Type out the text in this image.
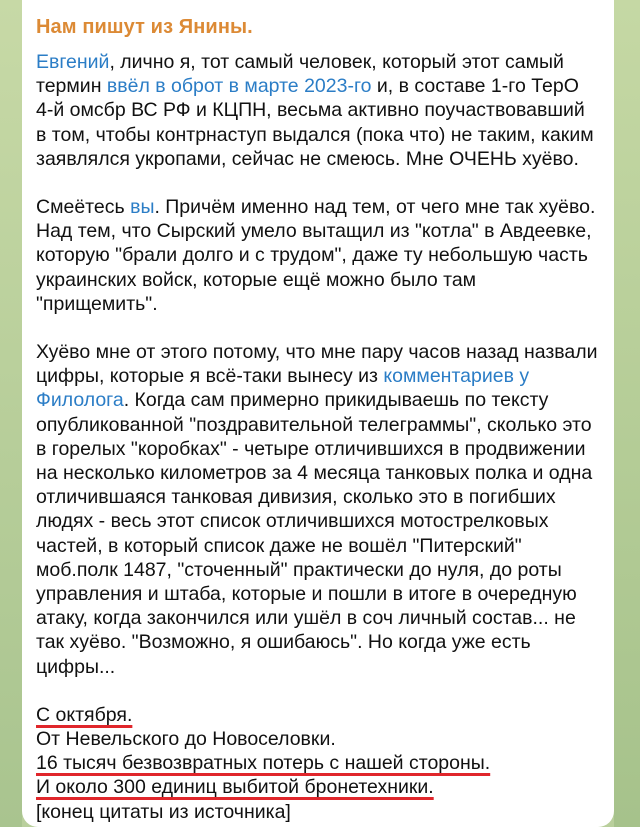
Нам пишут из Янины.
Евгений, лично я, тот самый человек, который этот самый термин ввёл в оброт в марте 2023-го и, в составе 1-го ТерО 4-й омсбр ВС РФ и КЦПН, весьма активно поучаствовавший в том, чтобы контрнаступ выдался (пока что) не таким, каким заявлялся укропами, сейчас не смеюсь. Мне ОЧЕНЬ хуёво.
Смеётесь вы. Причём именно над тем, от чего мне так хуёво. Над тем, что Сырский умело вытащил из "котла" в Авдеевке, которую "брали долго и с трудом", даже ту небольшую часть украинских войск, которые ещё можно было там "прищемить".
Хуёво мне от этого потому, что мне пару часов назад назвали цифры, которые я всё-таки вынесу из комментариев у Филолога. Когда сам примерно прикидываешь по тексту опубликованной "поздравительной телеграммы", сколько это в горелых "коробках" - четыре отличившихся в продвижении на несколько километров за 4 месяца танковых полка и одна отличившаяся танковая дивизия, сколько это в погибших людях - весь этот список отличившихся мотострелковых частей, в который список даже не вошёл "Питерский" моб.полк 1487, "сточенный" практически до нуля, до роты управления и штаба, которые и пошли в итоге в очередную атаку, когда закончился или ушёл в соч личный состав... не так хуёво. "Возможно, я ошибаюсь". Но когда уже есть цифры...
С октября.
От Невельского до Новоселовки.
16 тысяч безвозвратных потерь с нашей стороны.
И около 300 единиц выбитой бронетехники.
[конец цитаты из источника]
